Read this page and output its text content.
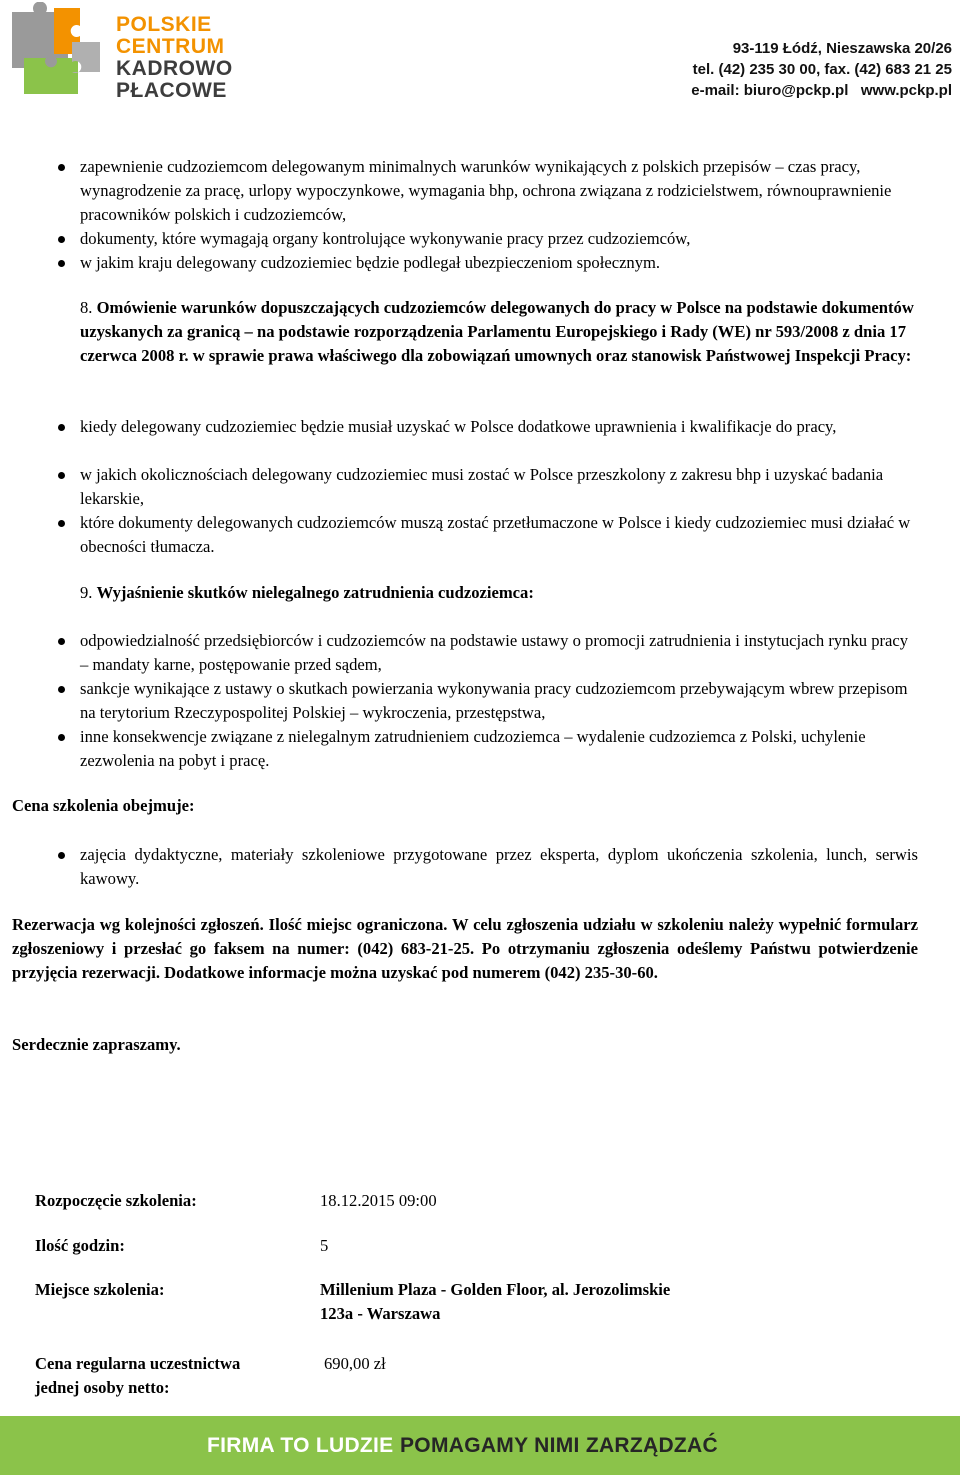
POLSKIE
CENTRUM
KADROWO
PŁACOWE
93-119 Łódź, Nieszawska 20/26
tel. (42) 235 30 00, fax. (42) 683 21 25
e-mail: biuro@pckp.pl   www.pckp.pl
zapewnienie cudzoziemcom delegowanym minimalnych warunków wynikających z polskich przepisów – czas pracy, wynagrodzenie za pracę, urlopy wypoczynkowe, wymagania bhp, ochrona związana z rodzicielstwem, równouprawnienie pracowników polskich i cudzoziemców,
dokumenty, które wymagają organy kontrolujące wykonywanie pracy przez cudzoziemców,
w jakim kraju delegowany cudzoziemiec będzie podlegał ubezpieczeniom społecznym.
8. Omówienie warunków dopuszczających cudzoziemców delegowanych do pracy w Polsce na podstawie dokumentów uzyskanych za granicą – na podstawie rozporządzenia Parlamentu Europejskiego i Rady (WE) nr 593/2008 z dnia 17 czerwca 2008 r. w sprawie prawa właściwego dla zobowiązań umownych oraz stanowisk Państwowej Inspekcji Pracy:
kiedy delegowany cudzoziemiec będzie musiał uzyskać w Polsce dodatkowe uprawnienia i kwalifikacje do pracy,
w jakich okolicznościach delegowany cudzoziemiec musi zostać w Polsce przeszkolony z zakresu bhp i uzyskać badania lekarskie,
które dokumenty delegowanych cudzoziemców muszą zostać przetłumaczone w Polsce i kiedy cudzoziemiec musi działać w obecności tłumacza.
9. Wyjaśnienie skutków nielegalnego zatrudnienia cudzoziemca:
odpowiedzialność przedsiębiorców i cudzoziemców na podstawie ustawy o promocji zatrudnienia i instytucjach rynku pracy – mandaty karne, postępowanie przed sądem,
sankcje wynikające z ustawy o skutkach powierzania wykonywania pracy cudzoziemcom przebywającym wbrew przepisom na terytorium Rzeczypospolitej Polskiej – wykroczenia, przestępstwa,
inne konsekwencje związane z nielegalnym zatrudnieniem cudzoziemca – wydalenie cudzoziemca z Polski, uchylenie zezwolenia na pobyt i pracę.
Cena szkolenia obejmuje:
zajęcia dydaktyczne, materiały szkoleniowe przygotowane przez eksperta, dyplom ukończenia szkolenia, lunch, serwis kawowy.
Rezerwacja wg kolejności zgłoszeń. Ilość miejsc ograniczona. W celu zgłoszenia udziału w szkoleniu należy wypełnić formularz zgłoszeniowy i przesłać go faksem na numer: (042) 683-21-25. Po otrzymaniu zgłoszenia odeślemy Państwu potwierdzenie przyjęcia rezerwacji. Dodatkowe informacje można uzyskać pod numerem (042) 235-30-60.
Serdecznie zapraszamy.
Rozpoczęcie szkolenia:	18.12.2015 09:00
Ilość godzin:	5
Miejsce szkolenia:	Millenium Plaza - Golden Floor, al. Jerozolimskie
123a - Warszawa
Cena regularna uczestnictwa
jednej osoby netto:
690,00 zł
FIRMA TO LUDZIE POMAGAMY NIMI ZARZĄDZAĆ
